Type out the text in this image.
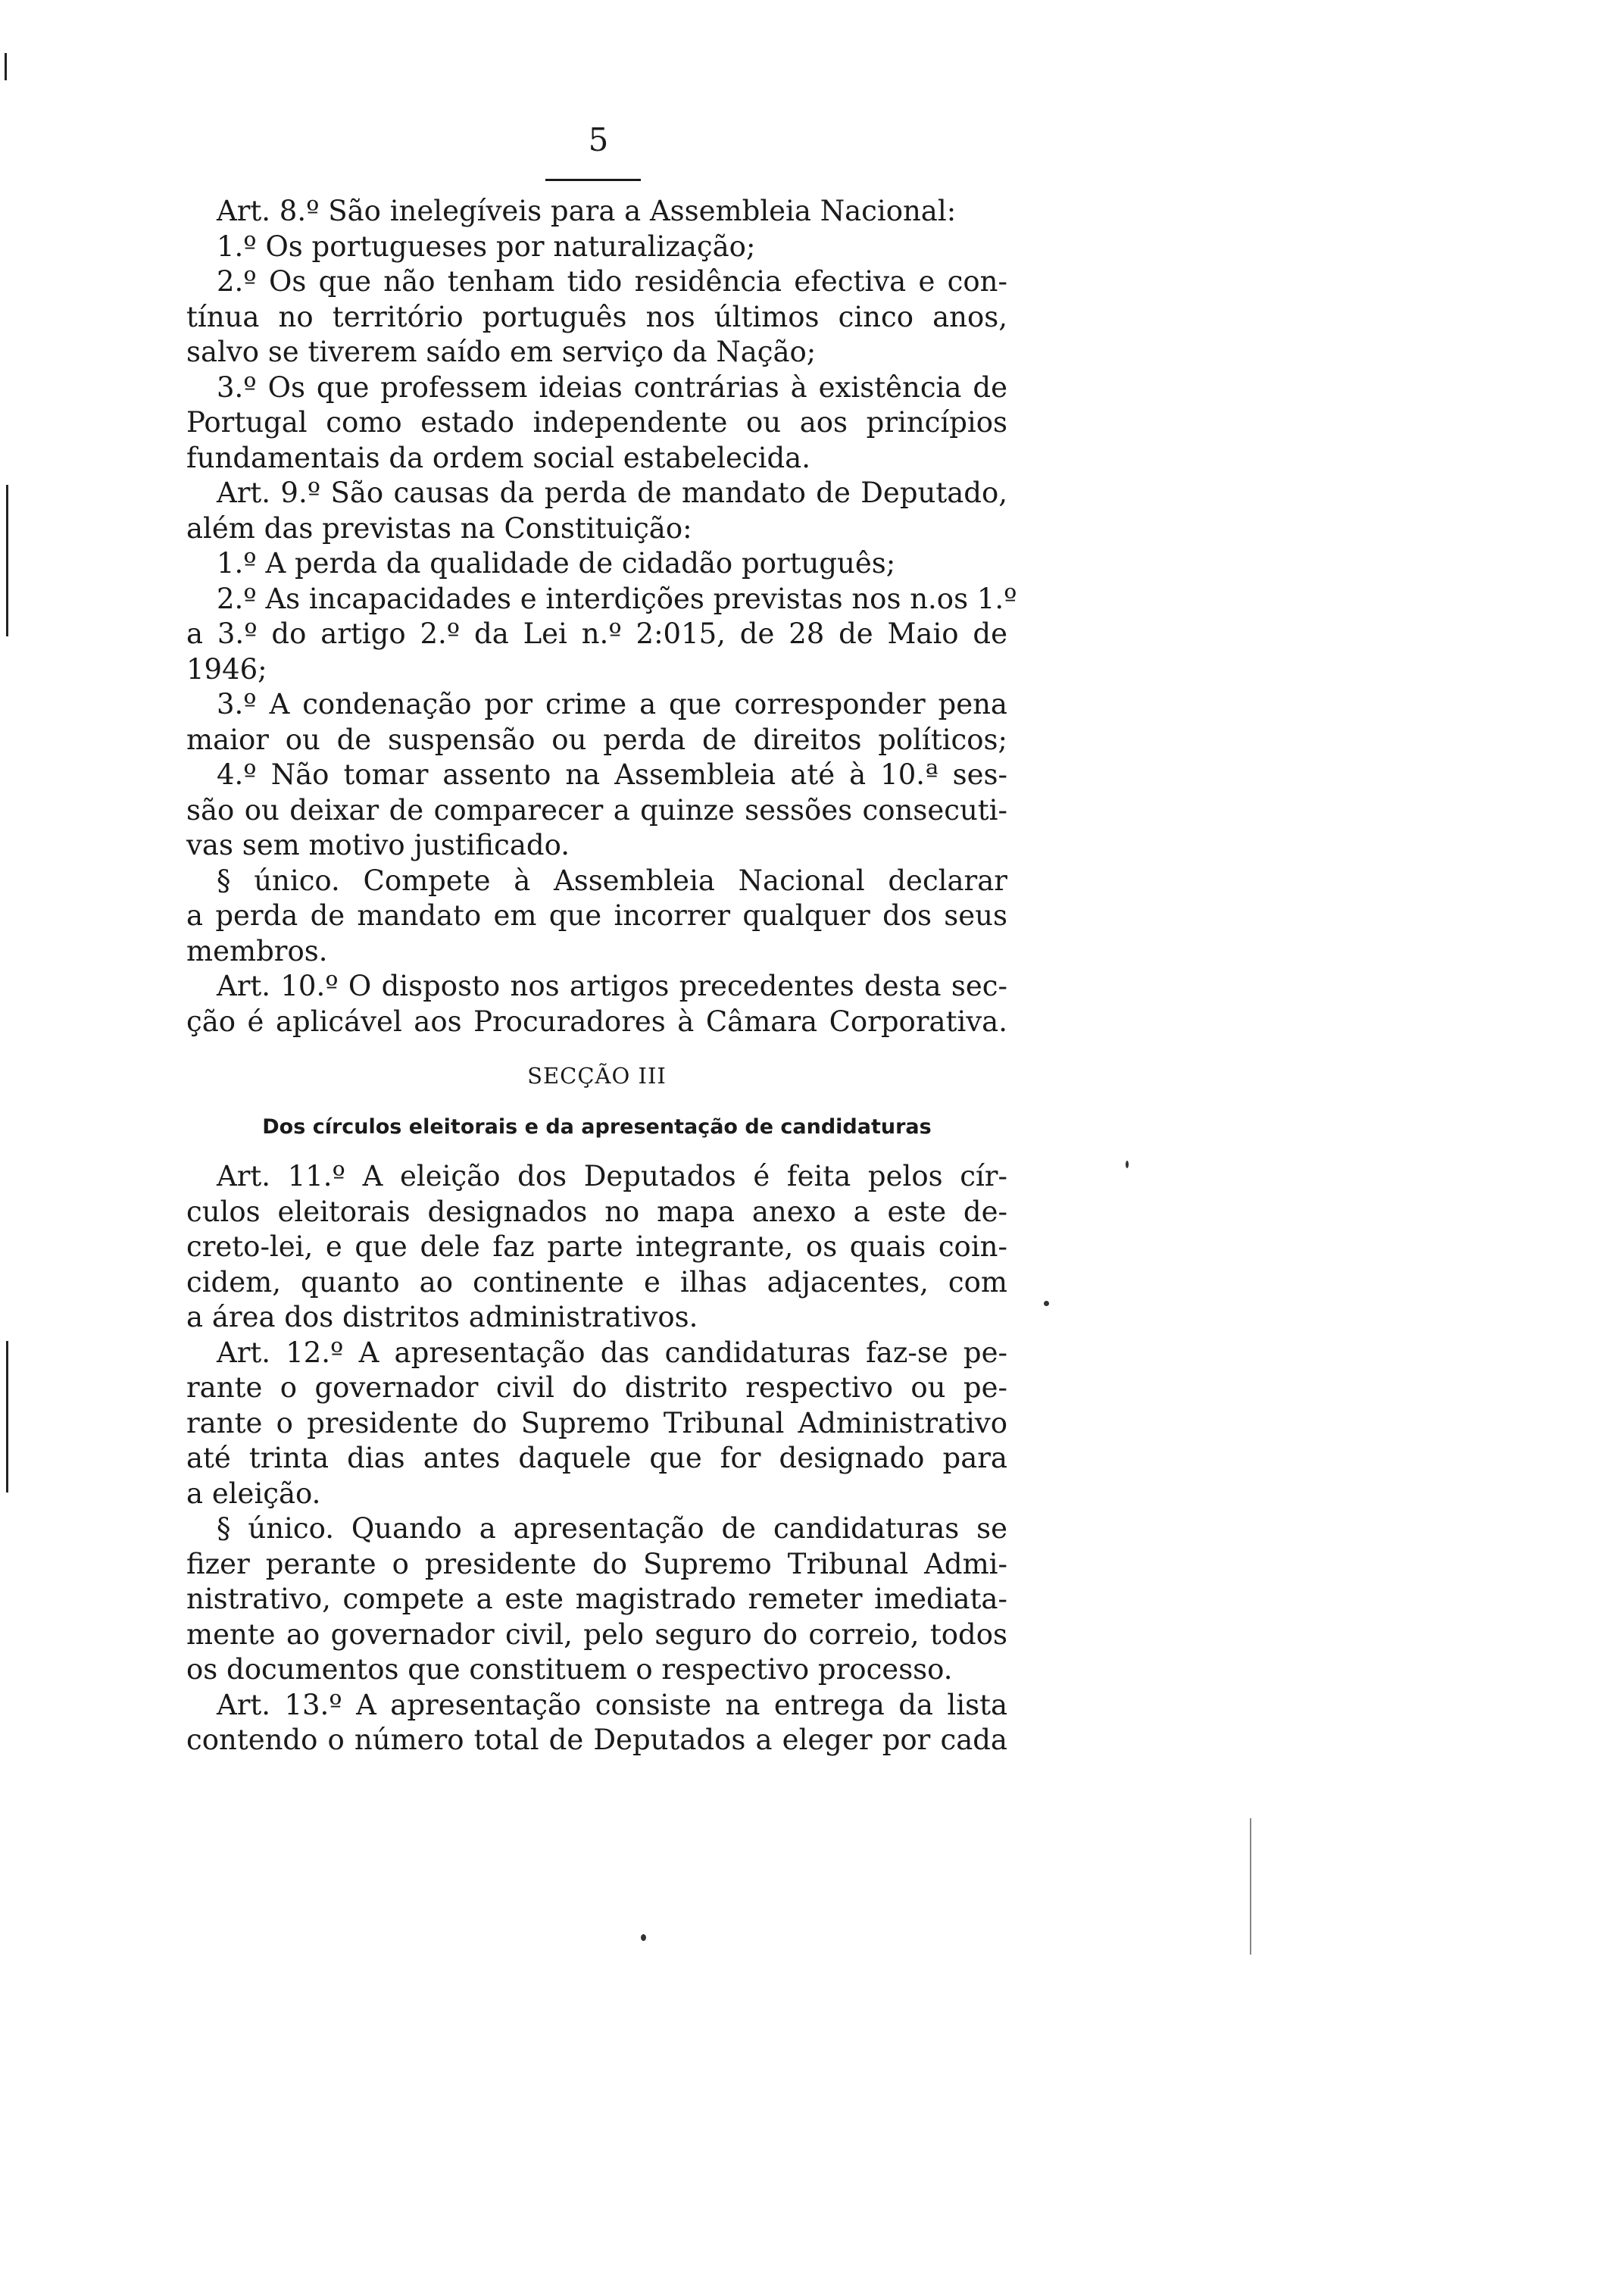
5
Art. 8.º São inelegíveis para a Assembleia Nacional:
1.º Os portugueses por naturalização;
2.º Os que não tenham tido residência efectiva e con-
tínua no território português nos últimos cinco anos,
salvo se tiverem saído em serviço da Nação;
3.º Os que professem ideias contrárias à existência de
Portugal como estado independente ou aos princípios
fundamentais da ordem social estabelecida.
Art. 9.º São causas da perda de mandato de Deputado,
além das previstas na Constituição:
1.º A perda da qualidade de cidadão português;
2.º As incapacidades e interdições previstas nos n.os 1.º
a 3.º do artigo 2.º da Lei n.º 2:015, de 28 de Maio de
1946;
3.º A condenação por crime a que corresponder pena
maior ou de suspensão ou perda de direitos políticos;
4.º Não tomar assento na Assembleia até à 10.ª ses-
são ou deixar de comparecer a quinze sessões consecuti-
vas sem motivo justificado.
§ único. Compete à Assembleia Nacional declarar
a perda de mandato em que incorrer qualquer dos seus
membros.
Art. 10.º O disposto nos artigos precedentes desta sec-
ção é aplicável aos Procuradores à Câmara Corporativa.
SECÇÃO III
Dos círculos eleitorais e da apresentação de candidaturas
Art. 11.º A eleição dos Deputados é feita pelos cír-
culos eleitorais designados no mapa anexo a este de-
creto-lei, e que dele faz parte integrante, os quais coin-
cidem, quanto ao continente e ilhas adjacentes, com
a área dos distritos administrativos.
Art. 12.º A apresentação das candidaturas faz-se pe-
rante o governador civil do distrito respectivo ou pe-
rante o presidente do Supremo Tribunal Administrativo
até trinta dias antes daquele que for designado para
a eleição.
§ único. Quando a apresentação de candidaturas se
fizer perante o presidente do Supremo Tribunal Admi-
nistrativo, compete a este magistrado remeter imediata-
mente ao governador civil, pelo seguro do correio, todos
os documentos que constituem o respectivo processo.
Art. 13.º A apresentação consiste na entrega da lista
contendo o número total de Deputados a eleger por cada
